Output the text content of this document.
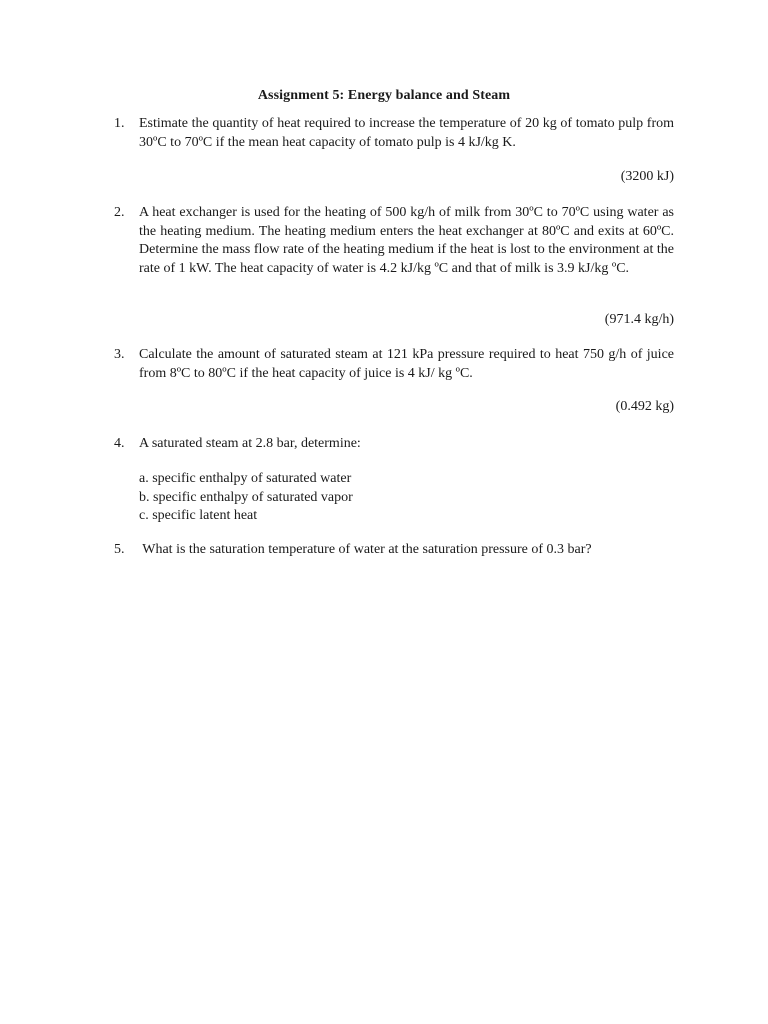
Assignment 5: Energy balance and Steam
1. Estimate the quantity of heat required to increase the temperature of 20 kg of tomato pulp from 30ºC to 70ºC if the mean heat capacity of tomato pulp is 4 kJ/kg K.
(3200 kJ)
2. A heat exchanger is used for the heating of 500 kg/h of milk from 30ºC to 70ºC using water as the heating medium. The heating medium enters the heat exchanger at 80ºC and exits at 60ºC. Determine the mass flow rate of the heating medium if the heat is lost to the environment at the rate of 1 kW. The heat capacity of water is 4.2 kJ/kg ºC and that of milk is 3.9 kJ/kg ºC.
(971.4 kg/h)
3. Calculate the amount of saturated steam at 121 kPa pressure required to heat 750 g/h of juice from 8ºC to 80ºC if the heat capacity of juice is 4 kJ/ kg ºC.
(0.492 kg)
4. A saturated steam at 2.8 bar, determine:
a. specific enthalpy of saturated water
b. specific enthalpy of saturated vapor
c. specific latent heat
5. What is the saturation temperature of water at the saturation pressure of 0.3 bar?
